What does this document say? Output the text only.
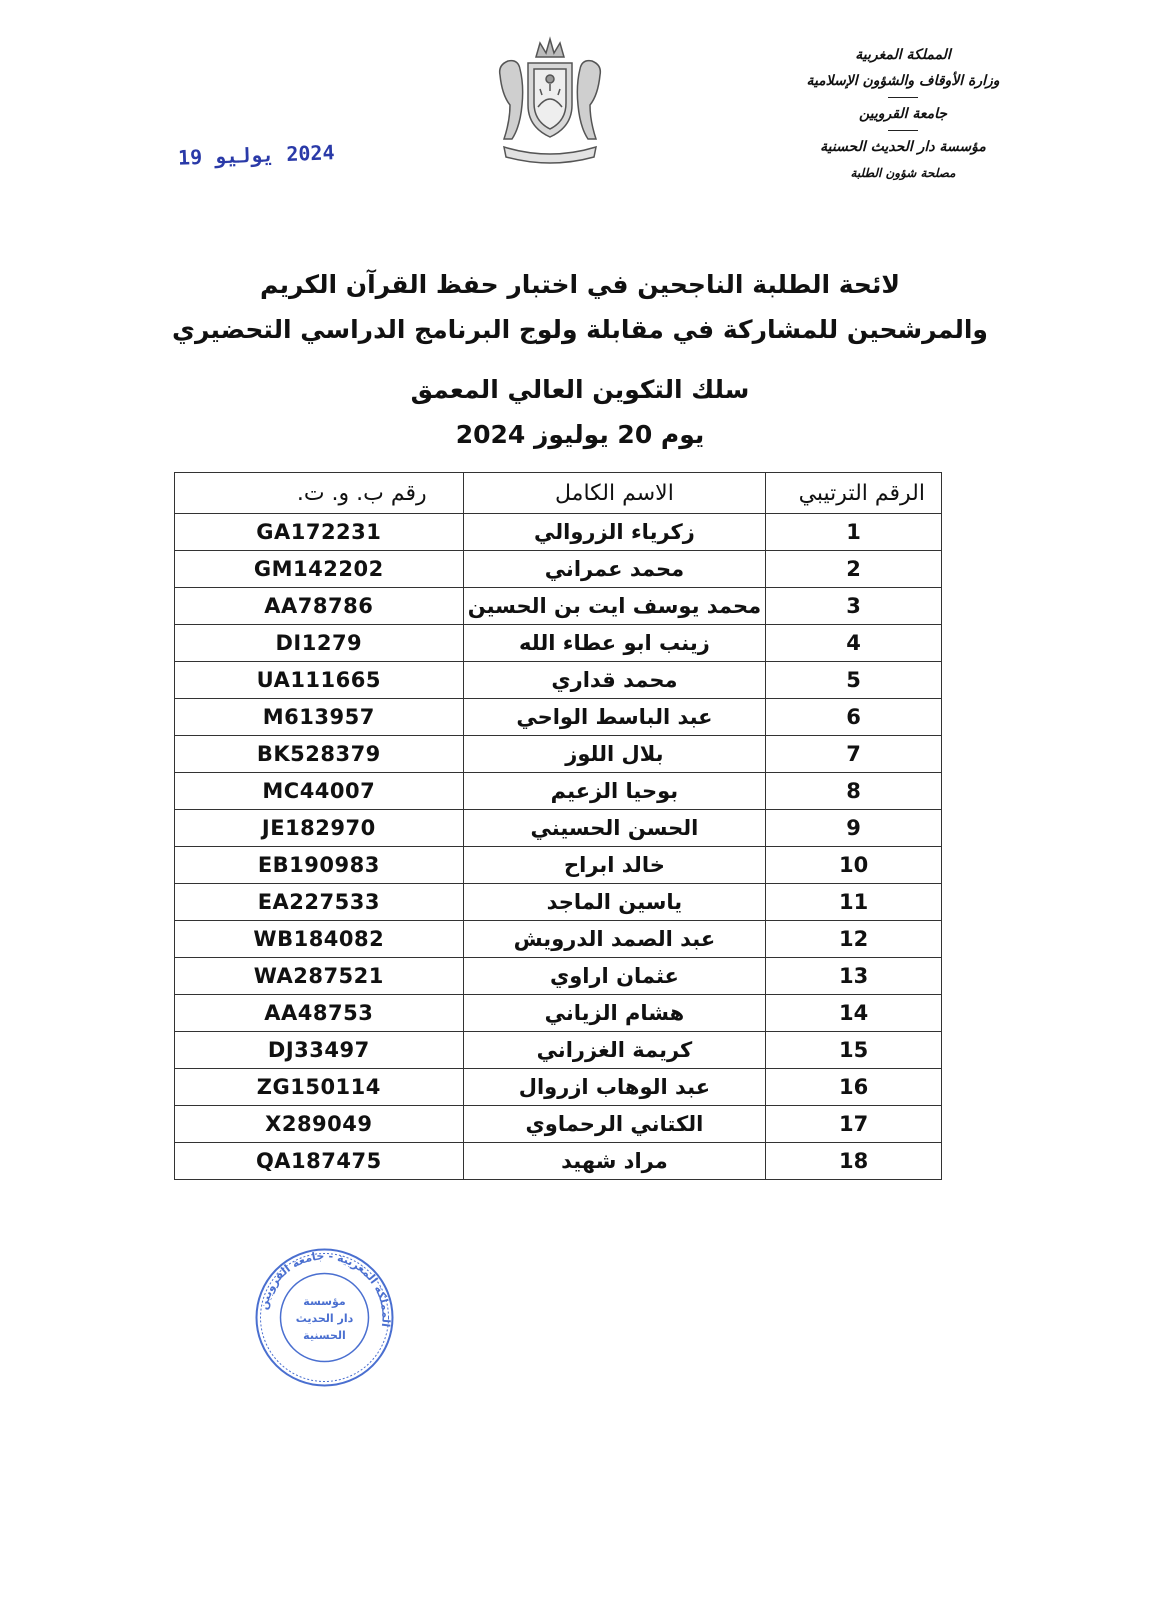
المملكة المغربية
وزارة الأوقاف والشؤون الإسلامية
جامعة القرويين
مؤسسة دار الحديث الحسنية
مصلحة شؤون الطلبة
2024 يوليو 19
لائحة الطلبة الناجحين في اختبار حفظ القرآن الكريم
والمرشحين للمشاركة في مقابلة ولوج البرنامج الدراسي التحضيري
سلك التكوين العالي المعمق
يوم 20 يوليوز 2024
الرقم الترتيبي	الاسم الكامل	رقم ب. و. ت.
1	زكرياء الزروالي	GA172231
2	محمد عمراني	GM142202
3	محمد يوسف ايت بن الحسين	AA78786
4	زينب ابو عطاء الله	DI1279
5	محمد قداري	UA111665
6	عبد الباسط الواحي	M613957
7	بلال اللوز	BK528379
8	بوحيا الزعيم	MC44007
9	الحسن الحسيني	JE182970
10	خالد ابراح	EB190983
11	ياسين الماجد	EA227533
12	عبد الصمد الدرويش	WB184082
13	عثمان اراوي	WA287521
14	هشام الزياني	AA48753
15	كريمة الغزراني	DJ33497
16	عبد الوهاب ازروال	ZG150114
17	الكتاني الرحماوي	X289049
18	مراد شهيد	QA187475
المملكة المغربية - جامعة القرويين
مؤسسة
دار الحديث
الحسنية
